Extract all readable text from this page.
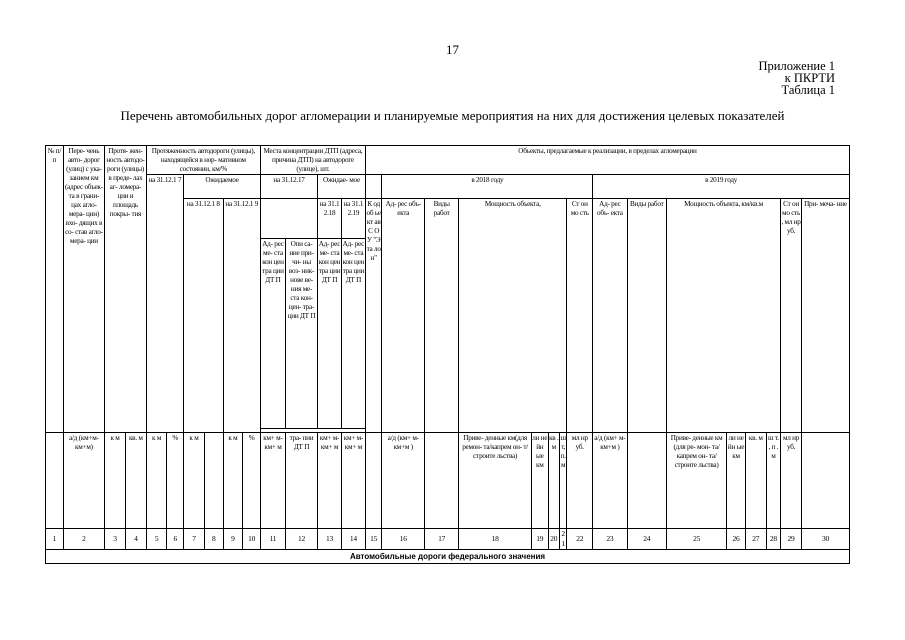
17
Приложение 1
к ПКРТИ
Таблица 1
Перечень автомобильных дорог агломерации и планируемые мероприятия на них для достижения целевых показателей
№ п/п	Пере- чень авто- дорог (улиц) с ука- занием км (адрес объек- та в грани- цах агло- мера- ции) вхо- дящих в со- став агло- мера- ции	Протя- жен- ность автодо- роги (улицы) в преде- лах аг- ломера- ции и площадь покры- тия		Протяженность автодороги (улицы), находящейся в нор- мативном состоянии, км/%						Места концентрации ДТП (адреса, причина ДТП) на автодороге (улице), шт.				Объекты, предлагаемые к реализации, в пределах агломерации															
				на 31.12.1 7		Ожидаемое				на 31.12.17		Ожидае- мое			в 2018 году							в 2019 году							
						на 31.12.1 8		на 31.12.1 9				на 31.1 2.18	на 31.1 2.19	К од об ье кт ав С О У "Э та ло н"	Ад- рес объ- екта	Виды работ	Мощность объекта,				Ст ои мо сть	Ад- рес объ- екта	Виды работ	Мощность объекта, км/кв.м				Ст ои мо сть , мл нр уб.	При- меча- ние
										Ад- рес ме- ста кон цен тра ции ДТ П	Опи са- ние при- чи- ны воз- ник- нове ве- ния ме- ста кон- цен- тра- ции ДТ П	Ад- рес ме- ста кон цен тра ции ДТ П	Ад- рес ме- ста кон цен тра ции ДТ П																

	а/д (км+м- км+м)	к м	кв. м	к м	%	к м		к м	%	км+ м- км+ м	тра- пии ДТ П	км+ м- км+ м	км+ м- км+ м		а/д (км+ м- км+м )		Приве- денные км(для ремон- та/капрем он- т/строите льства)	ли не йн ые км	кв . м	ш т, п. м	мл нр уб.	а/д (км+ м- км+м )		Приве- денные км (для ре- мон- та/капрем он- та/строите льства)	ли не йн ые км	кв. м	ш т. , п . м	мл нр уб.	
1	2	3	4	5	6	7	8	9	10	11	12	13	14	15	16	17	18	19	20	21	22	23	24	25	26	27	28	29	30
Автомобильные дороги федерального значения																													
